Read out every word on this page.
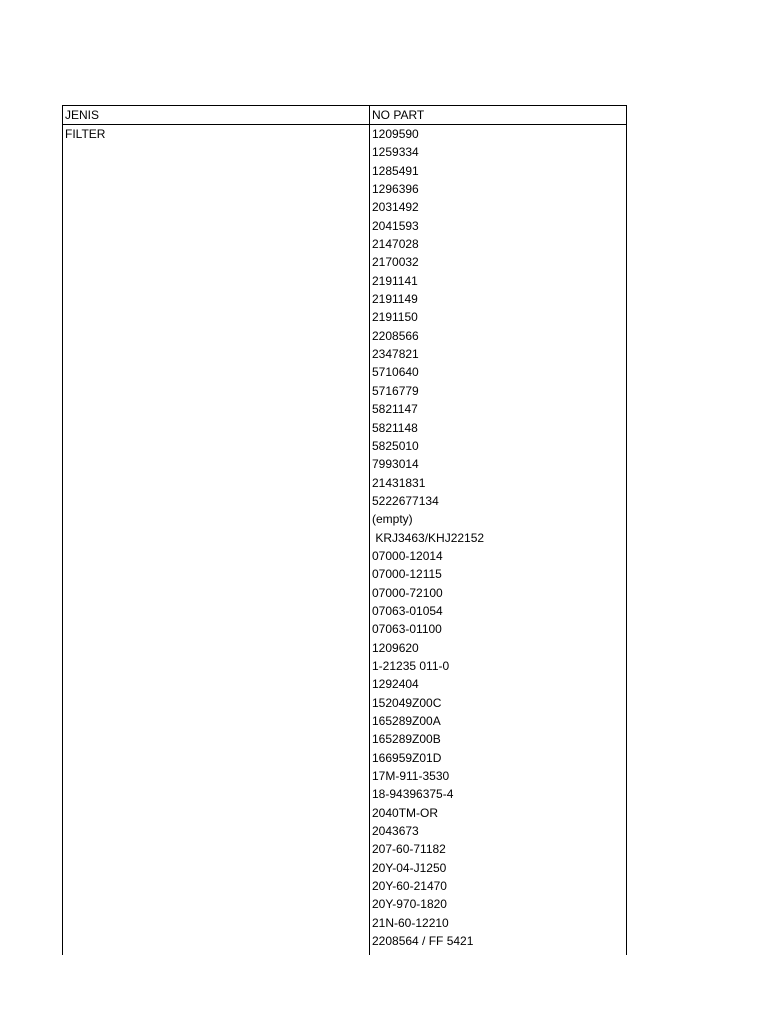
JENIS	NO PART
FILTER	1209590
1259334
1285491
1296396
2031492
2041593
2147028
2170032
2191141
2191149
2191150
2208566
2347821
5710640
5716779
5821147
5821148
5825010
7993014
21431831
5222677134
(empty)
KRJ3463/KHJ22152
07000-12014
07000-12115
07000-72100
07063-01054
07063-01100
1209620
1-21235 011-0
1292404
152049Z00C
165289Z00A
165289Z00B
166959Z01D
17M-911-3530
18-94396375-4
2040TM-OR
2043673
207-60-71182
20Y-04-J1250
20Y-60-21470
20Y-970-1820
21N-60-12210
2208564 / FF 5421
